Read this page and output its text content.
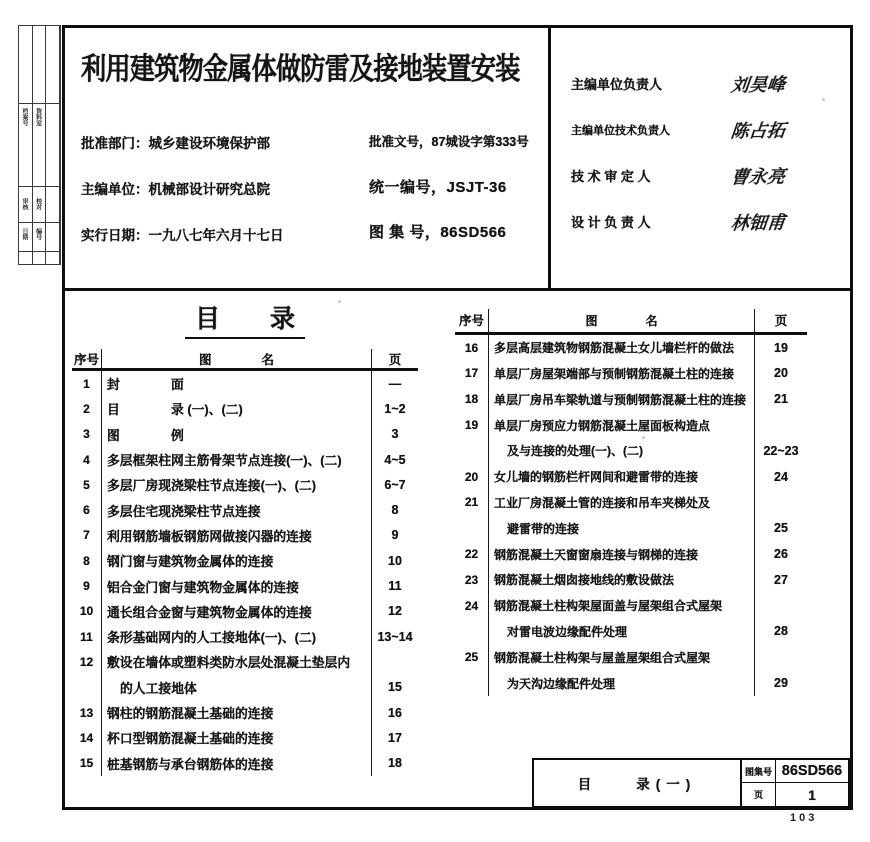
档案号
审核
日期
资料室
校对
编号
利用建筑物金属体做防雷及接地装置安装
批准部门：城乡建设环境保护部
主编单位：机械部设计研究总院
实行日期：一九八七年六月十七日
批准文号，87城设字第333号
统一编号，JSJT-36
图 集 号，86SD566
主编单位负责人	刘昊峰
主编单位技术负责人	陈占拓
技 术 审 定 人	曹永亮
设 计 负 责 人	林钿甫
目　　录
序号	图　　　　名	页
1	封　　　　面	—
2	目　　　　录 (一)、(二)	1~2
3	图　　　　例	3
4	多层框架柱网主筋骨架节点连接(一)、(二)	4~5
5	多层厂房现浇梁柱节点连接(一)、(二)	6~7
6	多层住宅现浇梁柱节点连接	8
7	利用钢筋墙板钢筋网做接闪器的连接	9
8	钢门窗与建筑物金属体的连接	10
9	铝合金门窗与建筑物金属体的连接	11
10	通长组合金窗与建筑物金属体的连接	12
11	条形基础网内的人工接地体(一)、(二)	13~14
12	敷设在墙体或塑料类防水层处混凝土垫层内
的人工接地体	15
13	钢柱的钢筋混凝土基础的连接	16
14	杯口型钢筋混凝土基础的连接	17
15	桩基钢筋与承台钢筋体的连接	18
序号	图　　　　名	页
16	多层高层建筑物钢筋混凝土女儿墙栏杆的做法	19
17	单层厂房屋架端部与预制钢筋混凝土柱的连接	20
18	单层厂房吊车梁轨道与预制钢筋混凝土柱的连接	21
19	单层厂房预应力钢筋混凝土屋面板构造点
及与连接的处理(一)、(二)	22~23
20	女儿墙的钢筋栏杆网间和避雷带的连接	24
21	工业厂房混凝土管的连接和吊车夹梯处及
避雷带的连接	25
22	钢筋混凝土天窗窗扇连接与钢梯的连接	26
23	钢筋混凝土烟囱接地线的敷设做法	27
24	钢筋混凝土柱构架屋面盖与屋架组合式屋架
对雷电波边缘配件处理	28
25	钢筋混凝土柱构架与屋盖屋架组合式屋架
为天沟边缘配件处理	29
目　　录(一)
图集号 86SD566
页	1
103
